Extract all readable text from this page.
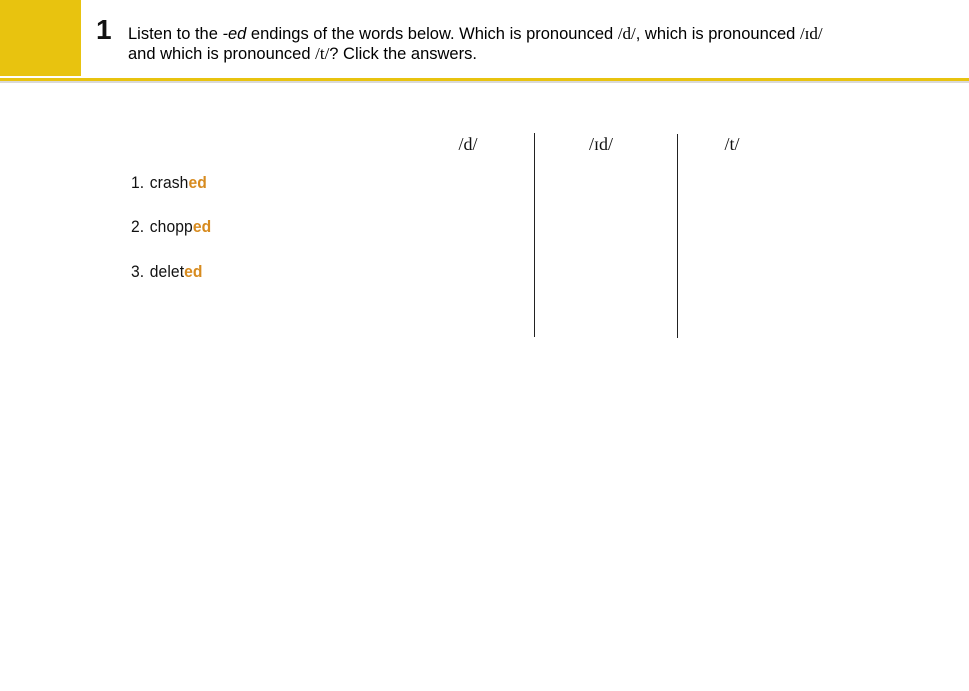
1 Listen to the -ed endings of the words below. Which is pronounced /d/, which is pronounced /ɪd/
and which is pronounced /t/? Click the answers.
/d/	/ɪd/	/t/
1. crashed
2. chopped
3. deleted
